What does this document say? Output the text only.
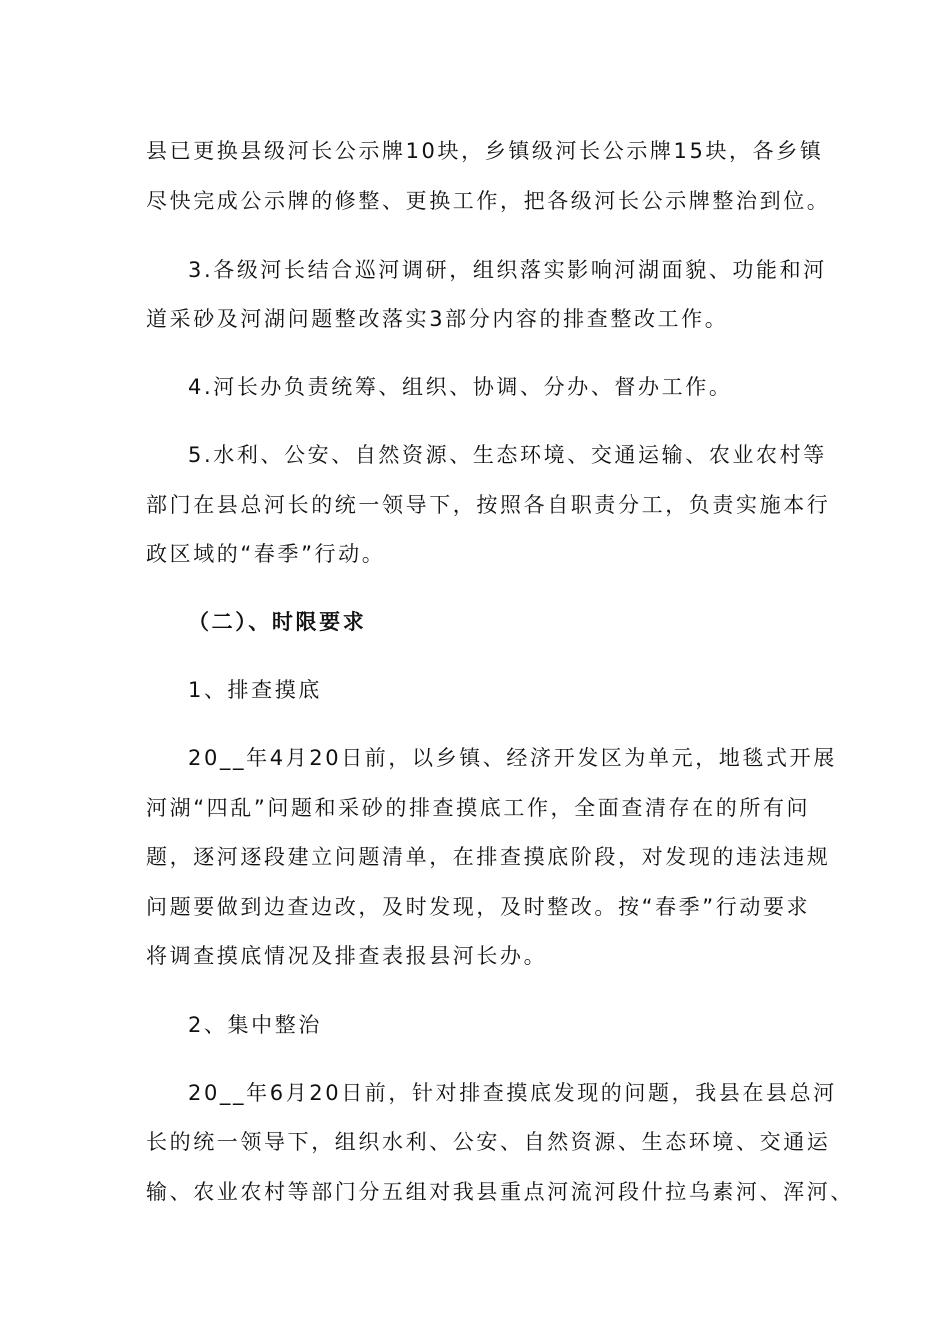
县已更换县级河长公示牌10块，乡镇级河长公示牌15块，各乡镇
尽快完成公示牌的修整、更换工作，把各级河长公示牌整治到位。
3.各级河长结合巡河调研，组织落实影响河湖面貌、功能和河
道采砂及河湖问题整改落实3部分内容的排查整改工作。
4.河长办负责统筹、组织、协调、分办、督办工作。
5.水利、公安、自然资源、生态环境、交通运输、农业农村等
部门在县总河长的统一领导下，按照各自职责分工，负责实施本行
政区域的“春季”行动。
（二）、时限要求
1、排查摸底
20__年4月20日前，以乡镇、经济开发区为单元，地毯式开展
河湖“四乱”问题和采砂的排查摸底工作，全面查清存在的所有问
题，逐河逐段建立问题清单，在排查摸底阶段，对发现的违法违规
问题要做到边查边改，及时发现，及时整改。按“春季”行动要求
将调查摸底情况及排查表报县河长办。
2、集中整治
20__年6月20日前，针对排查摸底发现的问题，我县在县总河
长的统一领导下，组织水利、公安、自然资源、生态环境、交通运
输、农业农村等部门分五组对我县重点河流河段什拉乌素河、浑河、
